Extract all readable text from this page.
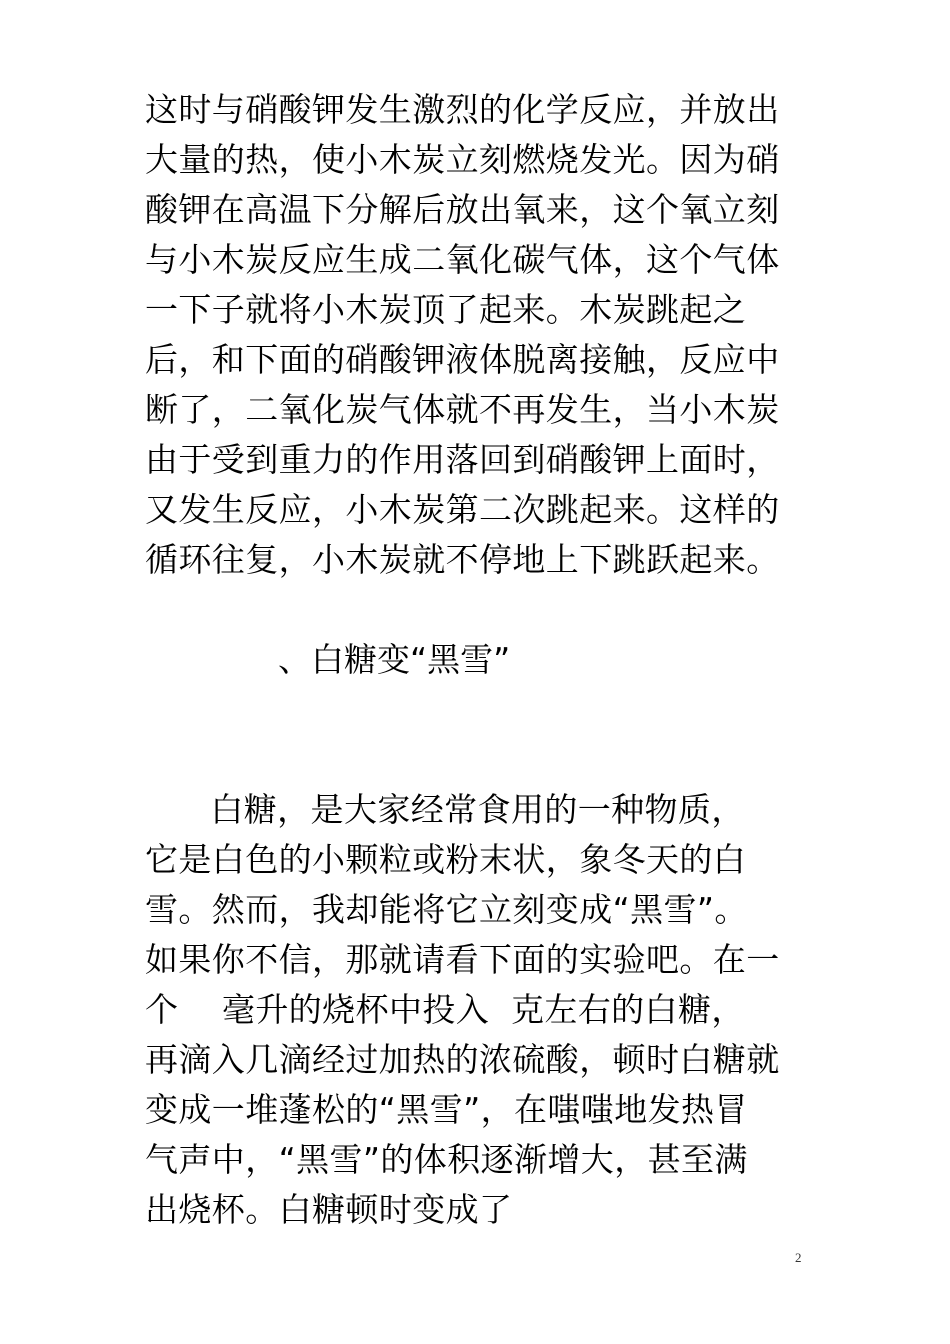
这时与硝酸钾发生激烈的化学反应，并放出
大量的热，使小木炭立刻燃烧发光。因为硝
酸钾在高温下分解后放出氧来，这个氧立刻
与小木炭反应生成二氧化碳气体，这个气体
一下子就将小木炭顶了起来。木炭跳起之
后，和下面的硝酸钾液体脱离接触，反应中
断了，二氧化炭气体就不再发生，当小木炭
由于受到重力的作用落回到硝酸钾上面时，
又发生反应，小木炭第二次跳起来。这样的
循环往复，小木炭就不停地上下跳跃起来。
、白糖变“黑雪”
白糖，是大家经常食用的一种物质，
它是白色的小颗粒或粉末状，象冬天的白
雪。然而，我却能将它立刻变成“黑雪”。
如果你不信，那就请看下面的实验吧。在一
个    毫升的烧杯中投入  克左右的白糖，
再滴入几滴经过加热的浓硫酸，顿时白糖就
变成一堆蓬松的“黑雪”，在嗤嗤地发热冒
气声中，“黑雪”的体积逐渐增大，甚至满
出烧杯。白糖顿时变成了
2
